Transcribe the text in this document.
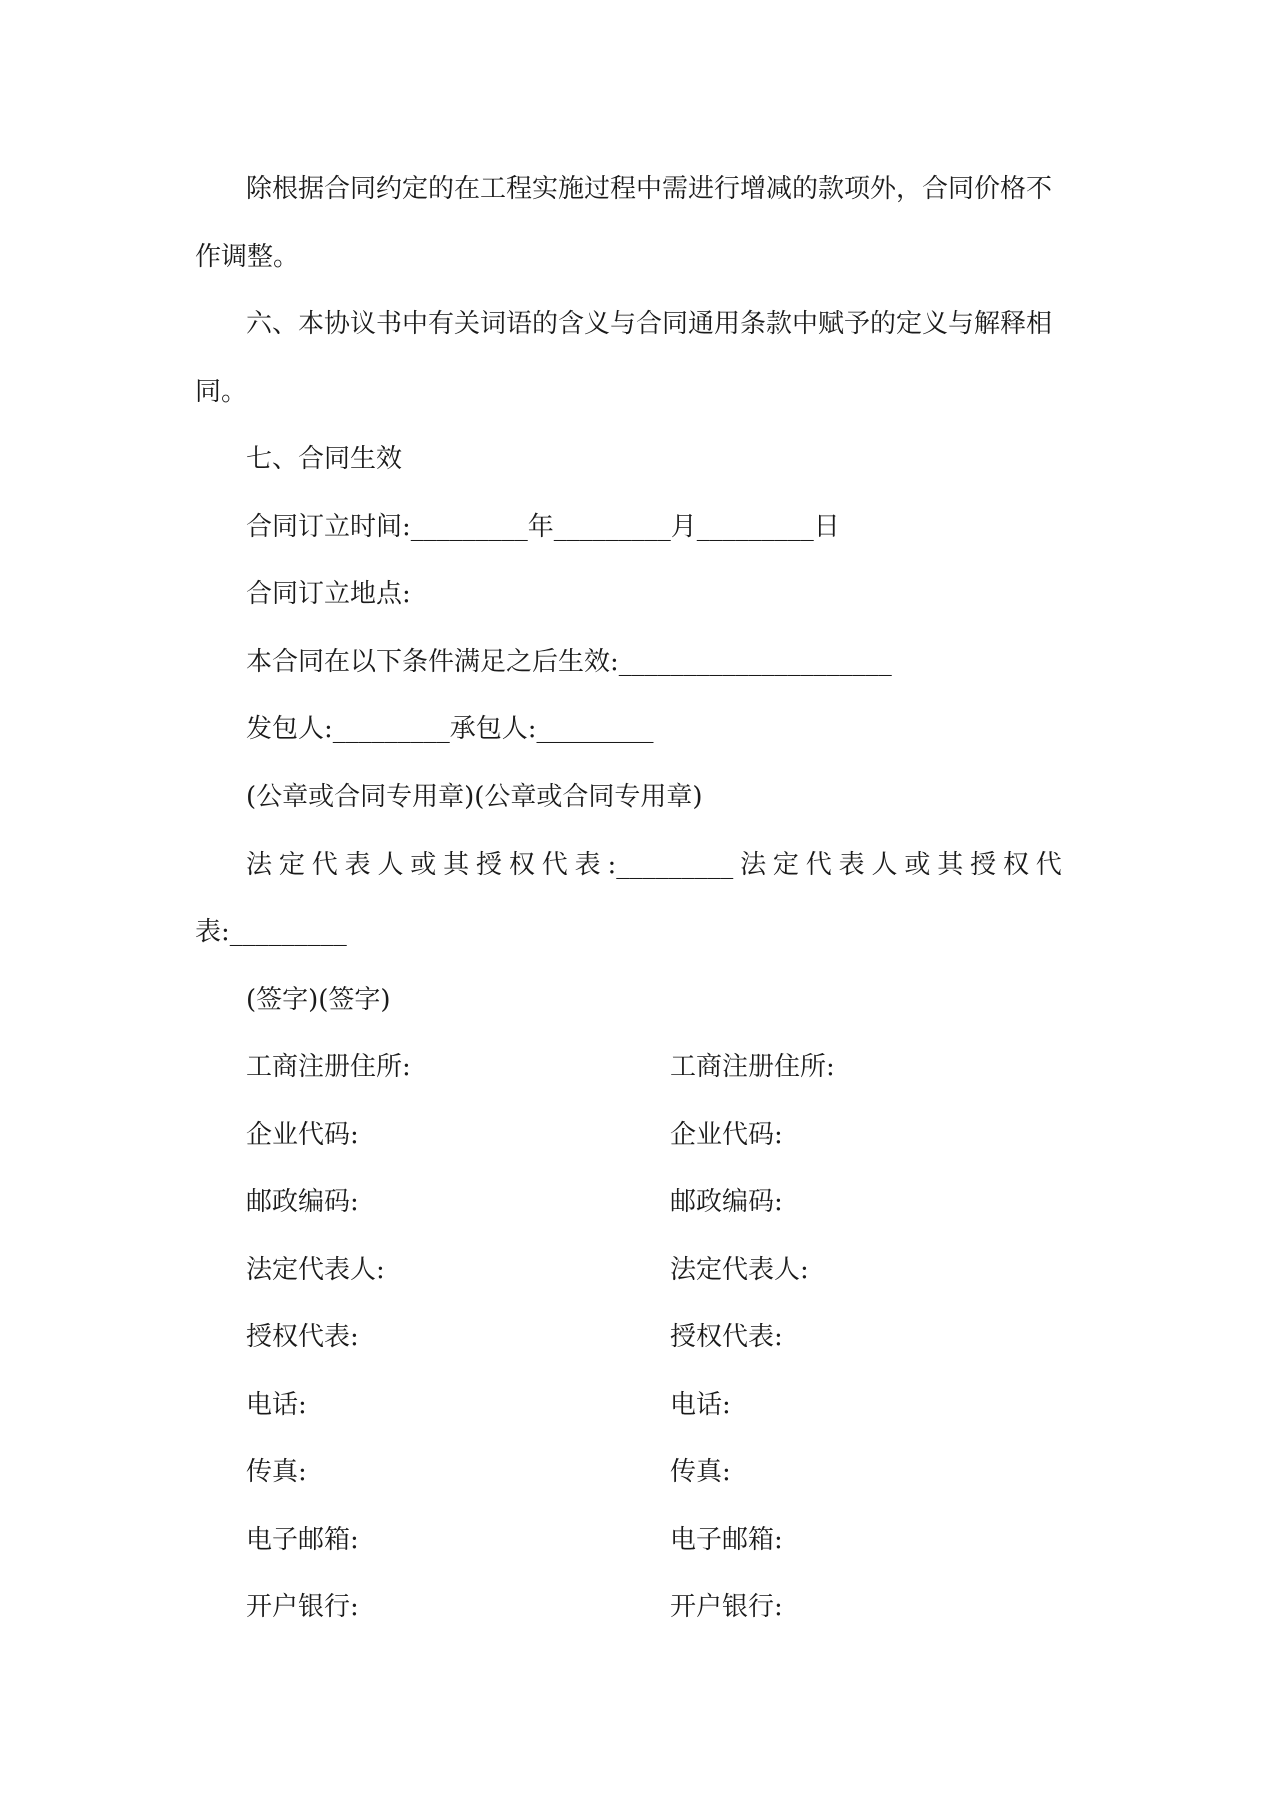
除根据合同约定的在工程实施过程中需进行增减的款项外，合同价格不
作调整。
六、本协议书中有关词语的含义与合同通用条款中赋予的定义与解释相
同。
七、合同生效
合同订立时间:_________年_________月_________日
合同订立地点:
本合同在以下条件满足之后生效:_____________________
发包人:_________承包人:_________
(公章或合同专用章)(公章或合同专用章)
法 定 代 表 人 或 其 授 权 代 表 :_________ 法 定 代 表 人 或 其 授 权 代
表:_________
(签字)(签字)
工商注册住所:	工商注册住所:
企业代码:	企业代码:
邮政编码:	邮政编码:
法定代表人:	法定代表人:
授权代表:	授权代表:
电话:	电话:
传真:	传真:
电子邮箱:	电子邮箱:
开户银行:	开户银行:
